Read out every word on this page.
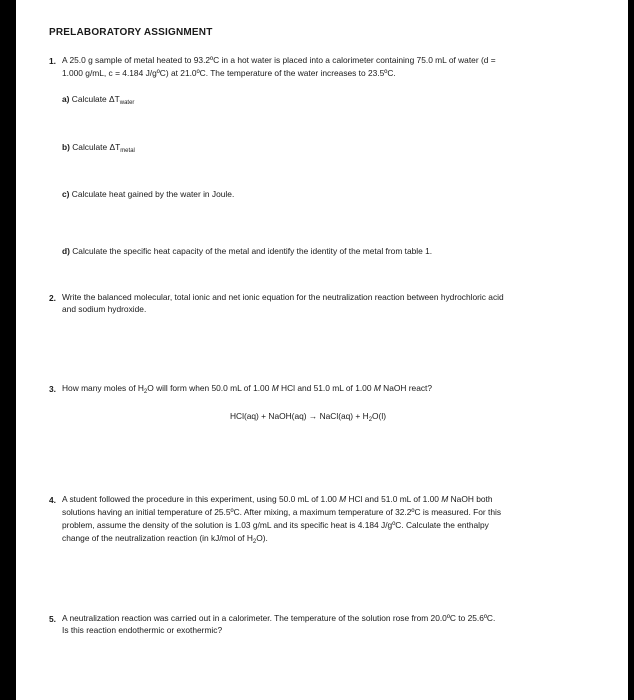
PRELABORATORY ASSIGNMENT
1. A 25.0 g sample of metal heated to 93.2ºC in a hot water is placed into a calorimeter containing 75.0 mL of water (d =
1.000 g/mL, c = 4.184 J/gºC) at 21.0ºC. The temperature of the water increases to 23.5ºC.
a) Calculate $\Delta T_{water}$
b) Calculate $\Delta T_{metal}$
c) Calculate heat gained by the water in Joule.
d) Calculate the specific heat capacity of the metal and identify the identity of the metal from table 1.
2. Write the balanced molecular, total ionic and net ionic equation for the neutralization reaction between hydrochloric acid
and sodium hydroxide.
3. How many moles of $H_2O$ will form when 50.0 mL of 1.00 M HCl and 51.0 mL of 1.00 M NaOH react?
HCl(aq) + NaOH(aq) → NaCl(aq) + $H_2O(l)$
4. A student followed the procedure in this experiment, using 50.0 mL of 1.00 M HCl and 51.0 mL of 1.00 M NaOH both
solutions having an initial temperature of 25.5ºC. After mixing, a maximum temperature of 32.2ºC is measured. For this
problem, assume the density of the solution is 1.03 g/mL and its specific heat is 4.184 J/gºC. Calculate the enthalpy
change of the neutralization reaction (in kJ/mol of $H_2O$).
5. A neutralization reaction was carried out in a calorimeter. The temperature of the solution rose from 20.0ºC to 25.6ºC.
Is this reaction endothermic or exothermic?
